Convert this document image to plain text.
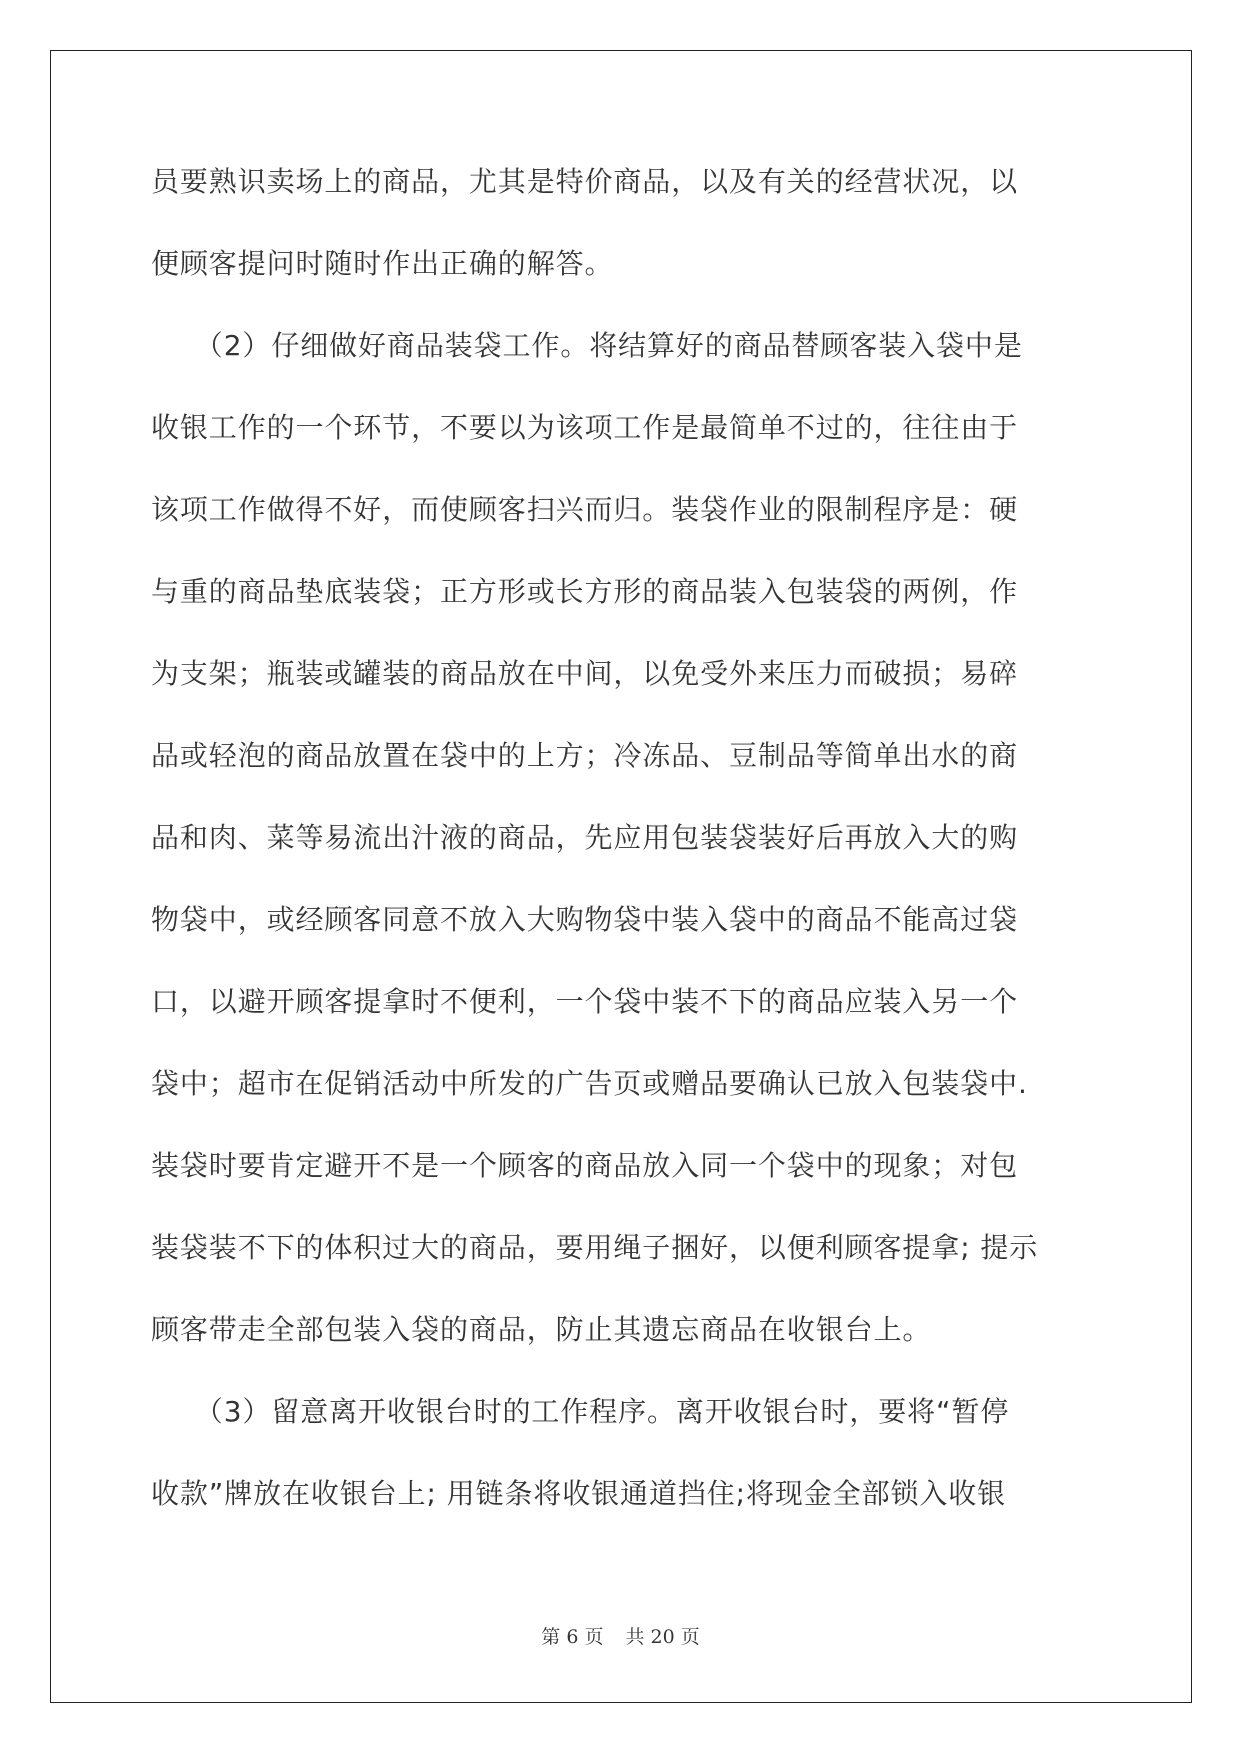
员要熟识卖场上的商品，尤其是特价商品，以及有关的经营状况，以
便顾客提问时随时作出正确的解答。
　　（2）仔细做好商品装袋工作。将结算好的商品替顾客装入袋中是
收银工作的一个环节，不要以为该项工作是最简单不过的，往往由于
该项工作做得不好，而使顾客扫兴而归。装袋作业的限制程序是：硬
与重的商品垫底装袋；正方形或长方形的商品装入包装袋的两例，作
为支架；瓶装或罐装的商品放在中间，以免受外来压力而破损；易碎
品或轻泡的商品放置在袋中的上方；冷冻品、豆制品等简单出水的商
品和肉、菜等易流出汁液的商品，先应用包装袋装好后再放入大的购
物袋中，或经顾客同意不放入大购物袋中装入袋中的商品不能高过袋
口，以避开顾客提拿时不便利，一个袋中装不下的商品应装入另一个
袋中；超市在促销活动中所发的广告页或赠品要确认已放入包装袋中.
装袋时要肯定避开不是一个顾客的商品放入同一个袋中的现象；对包
装袋装不下的体积过大的商品，要用绳子捆好，以便利顾客提拿; 提示
顾客带走全部包装入袋的商品，防止其遗忘商品在收银台上。
　　（3）留意离开收银台时的工作程序。离开收银台时，要将“暂停
收款”牌放在收银台上; 用链条将收银通道挡住;将现金全部锁入收银
第 6 页 共 20 页
